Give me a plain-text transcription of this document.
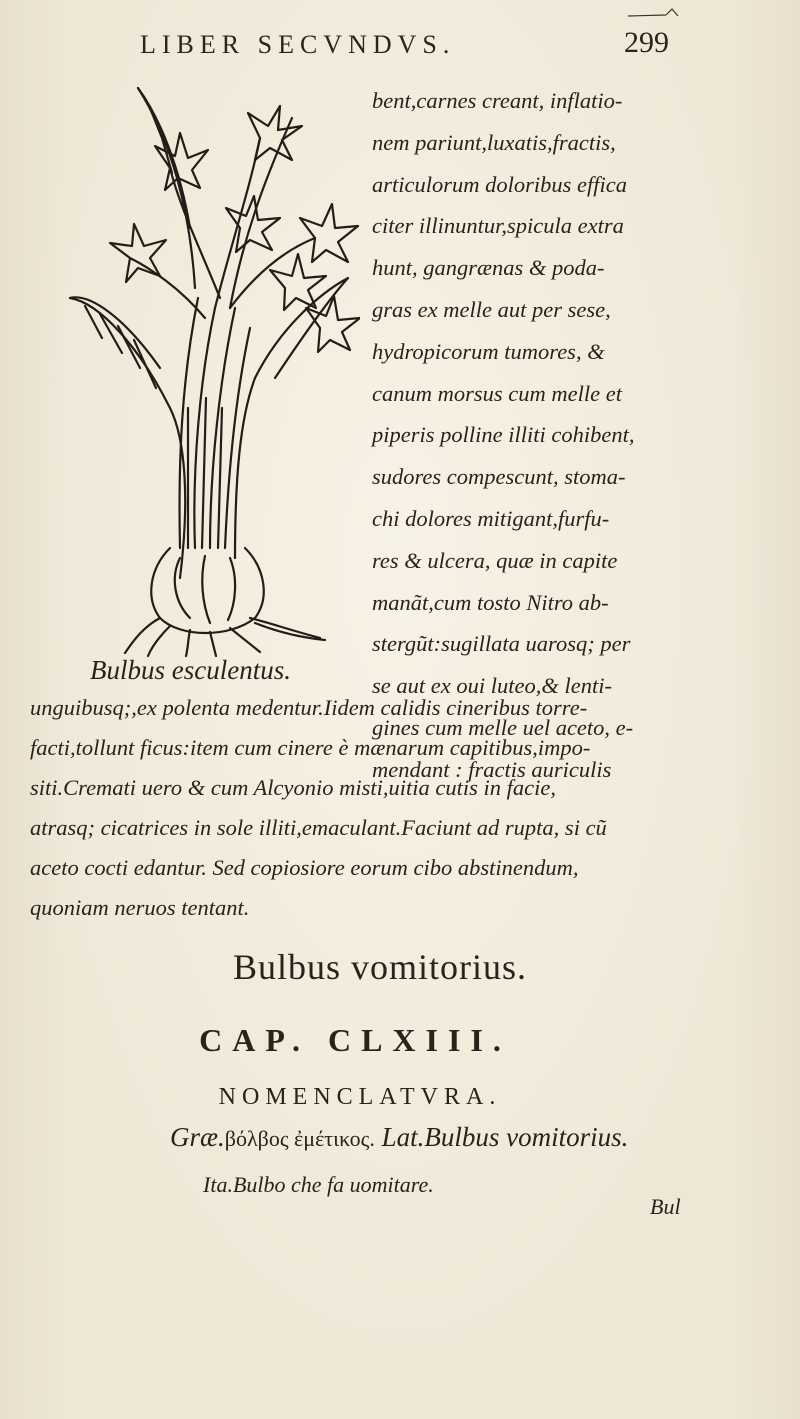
LIBER SECVNDVS.	299
Bulbus esculentus.
bent,carnes creant, inflatio-
nem pariunt,luxatis,fractis,
articulorum doloribus effica
citer illinuntur,spicula extra
hunt, gangrænas & poda-
gras ex melle aut per sese,
hydropicorum tumores, &
canum morsus cum melle et
piperis polline illiti cohibent,
sudores compescunt, stoma-
chi dolores mitigant,furfu-
res & ulcera, quæ in capite
manãt,cum tosto Nitro ab-
stergũt:sugillata uarosq; per
se aut ex oui luteo,& lenti-
gines cum melle uel aceto, e-
mendant : fractis auriculis
unguibusq;,ex polenta medentur.Iidem calidis cineribus torre-
facti,tollunt ficus:item cum cinere è mænarum capitibus,impo-
siti.Cremati uero & cum Alcyonio misti,uitia cutis in facie,
atrasq; cicatrices in sole illiti,emaculant.Faciunt ad rupta, si cũ
aceto cocti edantur. Sed copiosiore eorum cibo abstinendum,
quoniam neruos tentant.
Bulbus vomitorius.
CAP. CLXIII.
NOMENCLATVRA.
Græ.βόλβος ἐμέτικος. Lat.Bulbus vomitorius.
Ita.Bulbo che fa uomitare.
Bul
